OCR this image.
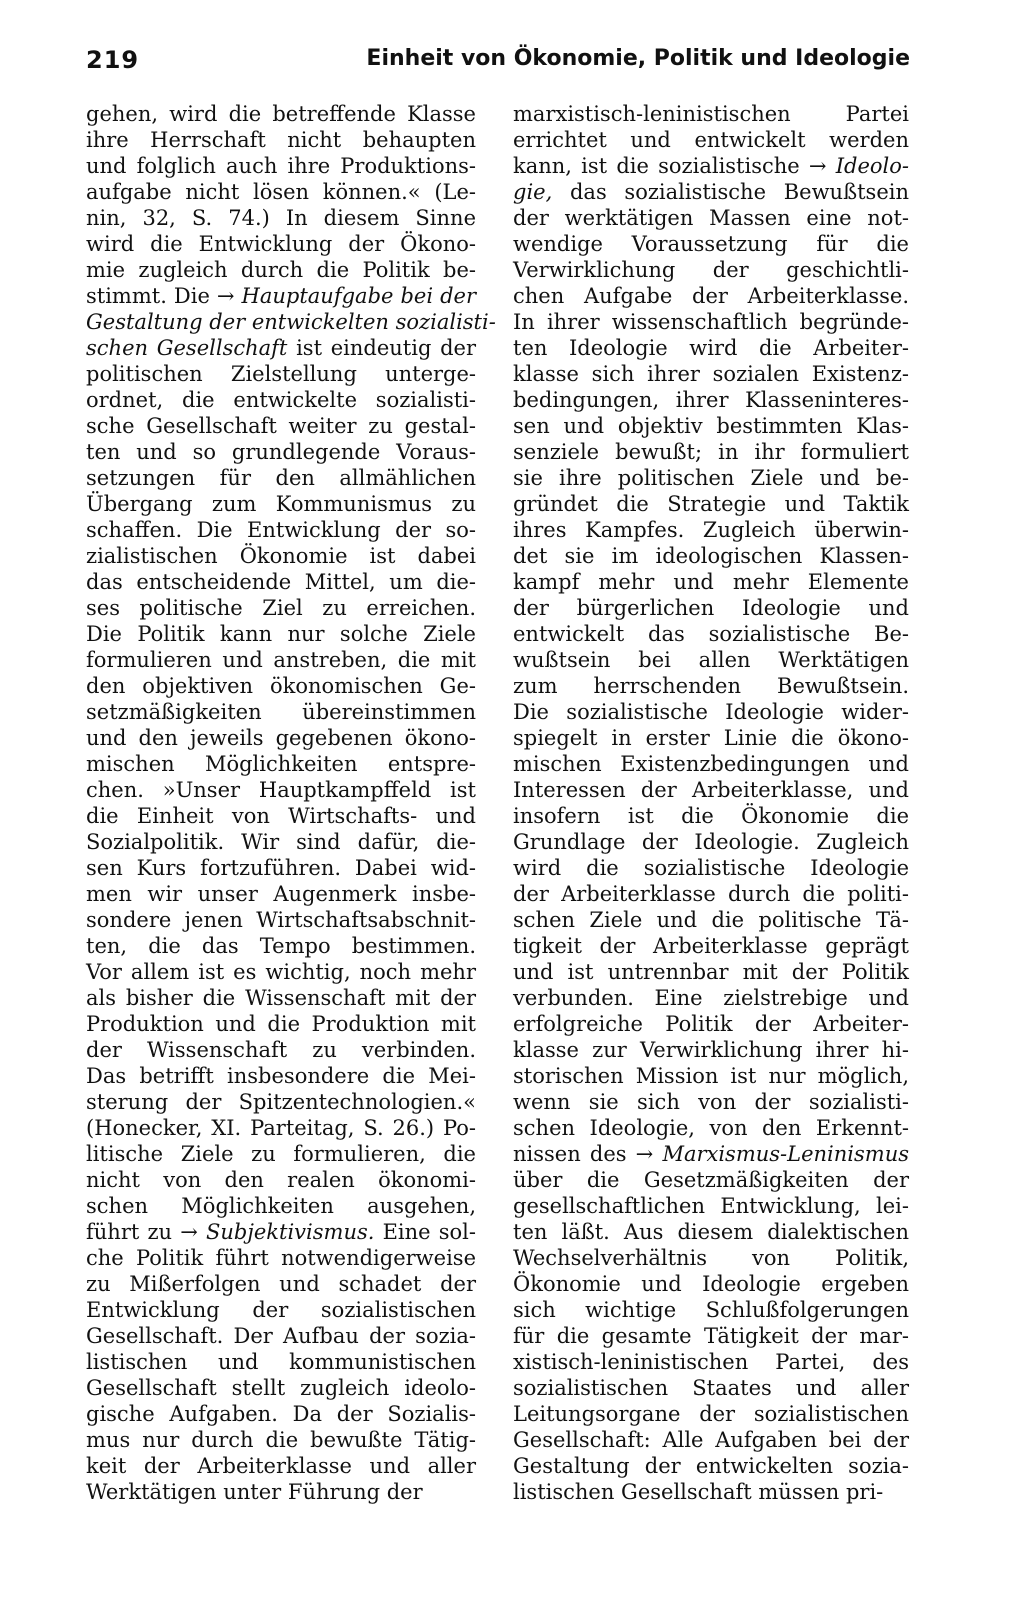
219	Einheit von Ökonomie, Politik und Ideologie
gehen, wird die betreffende Klasse
ihre Herrschaft nicht behaupten
und folglich auch ihre Produktions-
aufgabe nicht lösen können.« (Le-
nin, 32, S. 74.) In diesem Sinne
wird die Entwicklung der Ökono-
mie zugleich durch die Politik be-
stimmt. Die → Hauptaufgabe bei der
Gestaltung der entwickelten sozialisti-
schen Gesellschaft ist eindeutig der
politischen Zielstellung unterge-
ordnet, die entwickelte sozialisti-
sche Gesellschaft weiter zu gestal-
ten und so grundlegende Voraus-
setzungen für den allmählichen
Übergang zum Kommunismus zu
schaffen. Die Entwicklung der so-
zialistischen Ökonomie ist dabei
das entscheidende Mittel, um die-
ses politische Ziel zu erreichen.
Die Politik kann nur solche Ziele
formulieren und anstreben, die mit
den objektiven ökonomischen Ge-
setzmäßigkeiten übereinstimmen
und den jeweils gegebenen ökono-
mischen Möglichkeiten entspre-
chen. »Unser Hauptkampffeld ist
die Einheit von Wirtschafts- und
Sozialpolitik. Wir sind dafür, die-
sen Kurs fortzuführen. Dabei wid-
men wir unser Augenmerk insbe-
sondere jenen Wirtschaftsabschnit-
ten, die das Tempo bestimmen.
Vor allem ist es wichtig, noch mehr
als bisher die Wissenschaft mit der
Produktion und die Produktion mit
der Wissenschaft zu verbinden.
Das betrifft insbesondere die Mei-
sterung der Spitzentechnologien.«
(Honecker, XI. Parteitag, S. 26.) Po-
litische Ziele zu formulieren, die
nicht von den realen ökonomi-
schen Möglichkeiten ausgehen,
führt zu → Subjektivismus. Eine sol-
che Politik führt notwendigerweise
zu Mißerfolgen und schadet der
Entwicklung der sozialistischen
Gesellschaft. Der Aufbau der sozia-
listischen und kommunistischen
Gesellschaft stellt zugleich ideolo-
gische Aufgaben. Da der Sozialis-
mus nur durch die bewußte Tätig-
keit der Arbeiterklasse und aller
Werktätigen unter Führung der
marxistisch-leninistischen Partei
errichtet und entwickelt werden
kann, ist die sozialistische → Ideolo-
gie, das sozialistische Bewußtsein
der werktätigen Massen eine not-
wendige Voraussetzung für die
Verwirklichung der geschichtli-
chen Aufgabe der Arbeiterklasse.
In ihrer wissenschaftlich begründe-
ten Ideologie wird die Arbeiter-
klasse sich ihrer sozialen Existenz-
bedingungen, ihrer Klasseninteres-
sen und objektiv bestimmten Klas-
senziele bewußt; in ihr formuliert
sie ihre politischen Ziele und be-
gründet die Strategie und Taktik
ihres Kampfes. Zugleich überwin-
det sie im ideologischen Klassen-
kampf mehr und mehr Elemente
der bürgerlichen Ideologie und
entwickelt das sozialistische Be-
wußtsein bei allen Werktätigen
zum herrschenden Bewußtsein.
Die sozialistische Ideologie wider-
spiegelt in erster Linie die ökono-
mischen Existenzbedingungen und
Interessen der Arbeiterklasse, und
insofern ist die Ökonomie die
Grundlage der Ideologie. Zugleich
wird die sozialistische Ideologie
der Arbeiterklasse durch die politi-
schen Ziele und die politische Tä-
tigkeit der Arbeiterklasse geprägt
und ist untrennbar mit der Politik
verbunden. Eine zielstrebige und
erfolgreiche Politik der Arbeiter-
klasse zur Verwirklichung ihrer hi-
storischen Mission ist nur möglich,
wenn sie sich von der sozialisti-
schen Ideologie, von den Erkennt-
nissen des → Marxismus-Leninismus
über die Gesetzmäßigkeiten der
gesellschaftlichen Entwicklung, lei-
ten läßt. Aus diesem dialektischen
Wechselverhältnis von Politik,
Ökonomie und Ideologie ergeben
sich wichtige Schlußfolgerungen
für die gesamte Tätigkeit der mar-
xistisch-leninistischen Partei, des
sozialistischen Staates und aller
Leitungsorgane der sozialistischen
Gesellschaft: Alle Aufgaben bei der
Gestaltung der entwickelten sozia-
listischen Gesellschaft müssen pri-
